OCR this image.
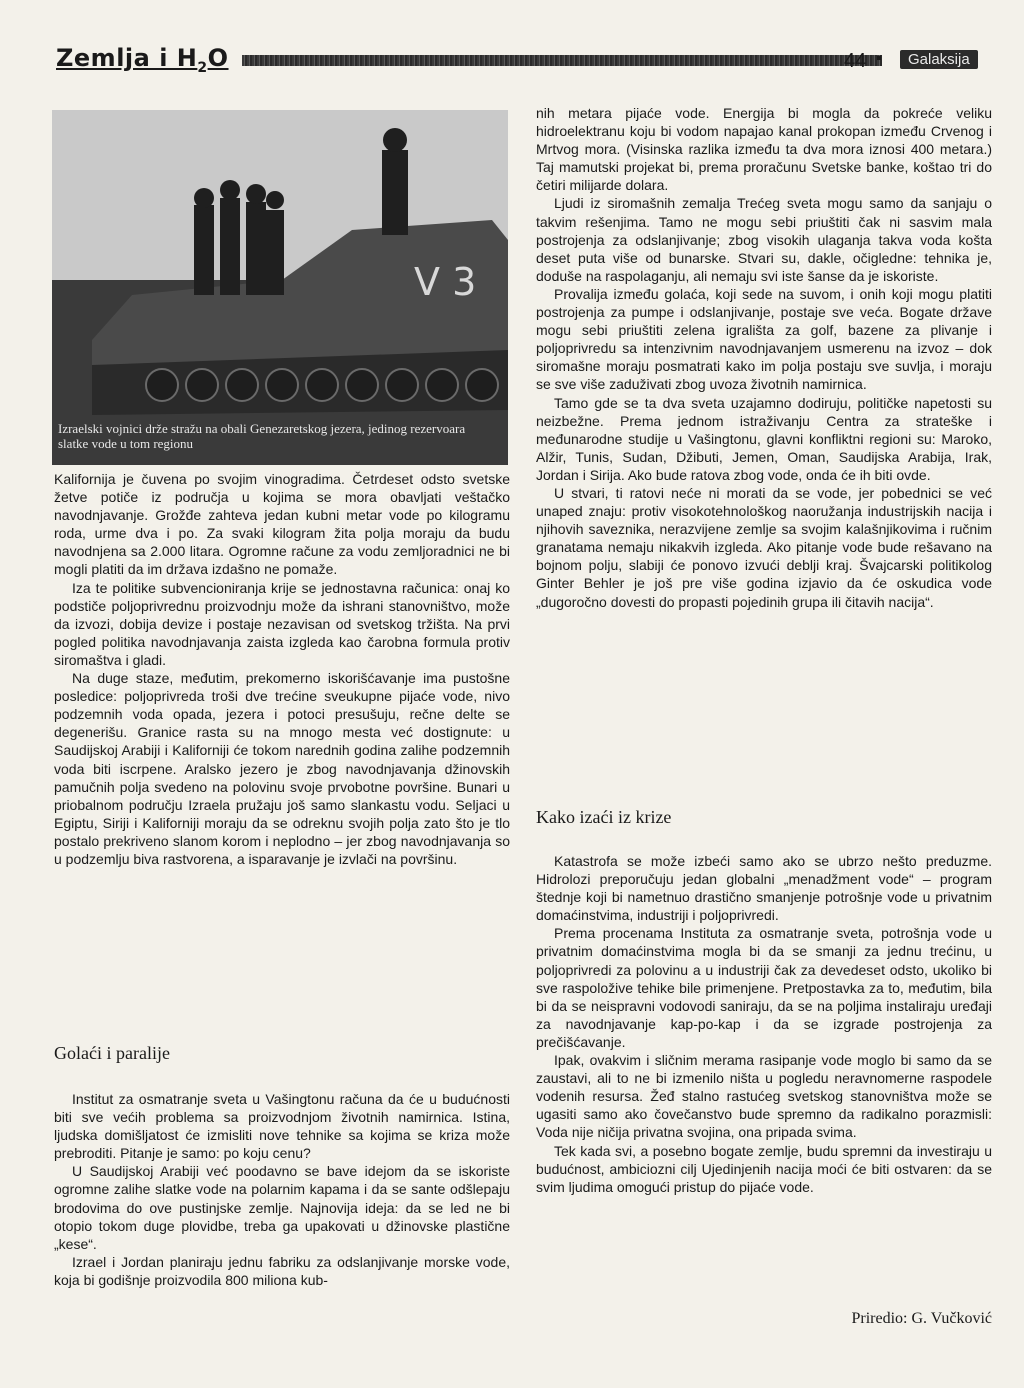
Zemlja i $H_2O$	44 ▪	Galaksija
V 3
Izraelski vojnici drže stražu na obali Genezaretskog jezera, jedinog rezervoara slatke vode u tom regionu

Kalifornija je čuvena po svojim vinogradima. Četrdeset odsto svetske žetve potiče iz područja u kojima se mora obavljati veštačko navodnjavanje. Grožđe zahteva jedan kubni metar vode po kilogramu roda, urme dva i po. Za svaki kilogram žita polja moraju da budu navodnjena sa 2.000 litara. Ogromne račune za vodu zemljoradnici ne bi mogli platiti da im država izdašno ne pomaže.

Iza te politike subvencioniranja krije se jednostavna računica: onaj ko podstiče poljoprivrednu proizvodnju može da ishrani stanovništvo, može da izvozi, dobija devize i postaje nezavisan od svetskog tržišta. Na prvi pogled politika navodnjavanja zaista izgleda kao čarobna formula protiv siromaštva i gladi.

Na duge staze, međutim, prekomerno iskorišćavanje ima pustošne posledice: poljoprivreda troši dve trećine sveukupne pijaće vode, nivo podzemnih voda opada, jezera i potoci presušuju, rečne delte se degenerišu. Granice rasta su na mnogo mesta već dostignute: u Saudijskoj Arabiji i Kaliforniji će tokom narednih godina zalihe podzemnih voda biti iscrpene. Aralsko jezero je zbog navodnjavanja džinovskih pamučnih polja svedeno na polovinu svoje prvobotne površine. Bunari u priobalnom području Izraela pružaju još samo slankastu vodu. Seljaci u Egiptu, Siriji i Kaliforniji moraju da se odreknu svojih polja zato što je tlo postalo prekriveno slanom korom i neplodno – jer zbog navodnjavanja so u podzemlju biva rastvorena, a isparavanje je izvlači na površinu.

Golaći i paralije

Institut za osmatranje sveta u Vašingtonu računa da će u budućnosti biti sve većih problema sa proizvodnjom životnih namirnica. Istina, ljudska domišljatost će izmisliti nove tehnike sa kojima se kriza može prebroditi. Pitanje je samo: po koju cenu?

U Saudijskoj Arabiji već poodavno se bave idejom da se iskoriste ogromne zalihe slatke vode na polarnim kapama i da se sante odšlepaju brodovima do ove pustinjske zemlje. Najnovija ideja: da se led ne bi otopio tokom duge plovidbe, treba ga upakovati u džinovske plastične „kese“.

Izrael i Jordan planiraju jednu fabriku za odslanjivanje morske vode, koja bi godišnje proizvodila 800 miliona kub-

nih metara pijaće vode. Energija bi mogla da pokreće veliku hidroelektranu koju bi vodom napajao kanal prokopan između Crvenog i Mrtvog mora. (Visinska razlika između ta dva mora iznosi 400 metara.) Taj mamutski projekat bi, prema proračunu Svetske banke, koštao tri do četiri milijarde dolara.

Ljudi iz siromašnih zemalja Trećeg sveta mogu samo da sanjaju o takvim rešenjima. Tamo ne mogu sebi priuštiti čak ni sasvim mala postrojenja za odslanjivanje; zbog visokih ulaganja takva voda košta deset puta više od bunarske. Stvari su, dakle, očigledne: tehnika je, doduše na raspolaganju, ali nemaju svi iste šanse da je iskoriste.

Provalija između golaća, koji sede na suvom, i onih koji mogu platiti postrojenja za pumpe i odslanjivanje, postaje sve veća. Bogate države mogu sebi priuštiti zelena igrališta za golf, bazene za plivanje i poljoprivredu sa intenzivnim navodnjavanjem usmerenu na izvoz – dok siromašne moraju posmatrati kako im polja postaju sve suvlja, i moraju se sve više zaduživati zbog uvoza životnih namirnica.

Tamo gde se ta dva sveta uzajamno dodiruju, političke napetosti su neizbežne. Prema jednom istraživanju Centra za strateške i međunarodne studije u Vašingtonu, glavni konfliktni regioni su: Maroko, Alžir, Tunis, Sudan, Džibuti, Jemen, Oman, Saudijska Arabija, Irak, Jordan i Sirija. Ako bude ratova zbog vode, onda će ih biti ovde.

U stvari, ti ratovi neće ni morati da se vode, jer pobednici se već unaped znaju: protiv visokotehnološkog naoružanja industrijskih nacija i njihovih saveznika, nerazvijene zemlje sa svojim kalašnjikovima i ručnim granatama nemaju nikakvih izgleda. Ako pitanje vode bude rešavano na bojnom polju, slabiji će ponovo izvući deblji kraj. Švajcarski politikolog Ginter Behler je još pre više godina izjavio da će oskudica vode „dugoročno dovesti do propasti pojedinih grupa ili čitavih nacija“.

Kako izaći iz krize

Katastrofa se može izbeći samo ako se ubrzo nešto preduzme. Hidrolozi preporučuju jedan globalni „menadžment vode“ – program štednje koji bi nametnuo drastično smanjenje potrošnje vode u privatnim domaćinstvima, industriji i poljoprivredi.

Prema procenama Instituta za osmatranje sveta, potrošnja vode u privatnim domaćinstvima mogla bi da se smanji za jednu trećinu, u poljoprivredi za polovinu a u industriji čak za devedeset odsto, ukoliko bi sve raspoložive tehike bile primenjene. Pretpostavka za to, međutim, bila bi da se neispravni vodovodi saniraju, da se na poljima instaliraju uređaji za navodnjavanje kap-po-kap i da se izgrade postrojenja za prečišćavanje.

Ipak, ovakvim i sličnim merama rasipanje vode moglo bi samo da se zaustavi, ali to ne bi izmenilo ništa u pogledu neravnomerne raspodele vodenih resursa. Žeđ stalno rastućeg svetskog stanovništva može se ugasiti samo ako čovečanstvo bude spremno da radikalno porazmisli: Voda nije ničija privatna svojina, ona pripada svima.

Tek kada svi, a posebno bogate zemlje, budu spremni da investiraju u budućnost, ambiciozni cilj Ujedinjenih nacija moći će biti ostvaren: da se svim ljudima omogući pristup do pijaće vode.

Priredio: G. Vučković
